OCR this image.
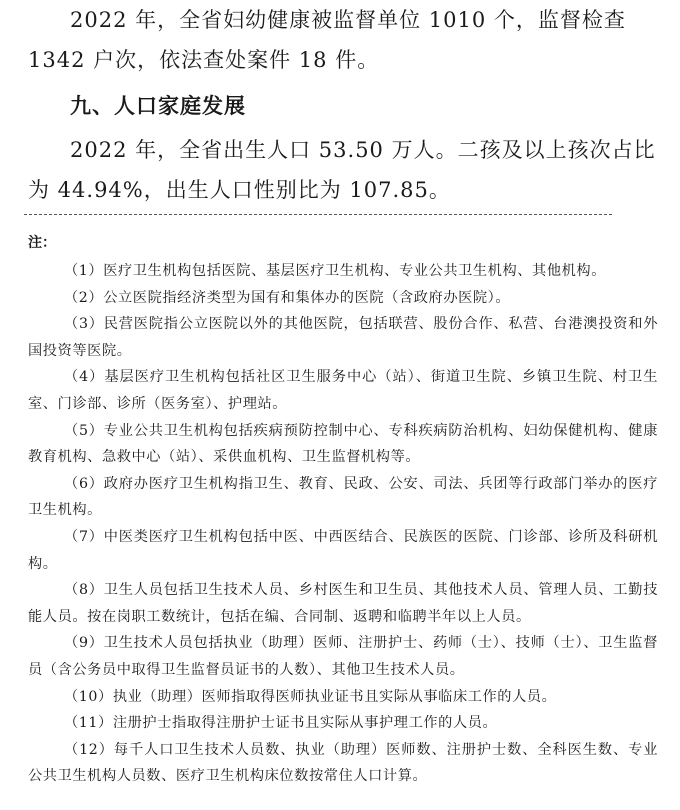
2022 年，全省妇幼健康被监督单位 1010 个，监督检查 1342 户次，依法查处案件 18 件。

九、人口家庭发展

2022 年，全省出生人口 53.50 万人。二孩及以上孩次占比为 44.94%，出生人口性别比为 107.85。

注：

（1）医疗卫生机构包括医院、基层医疗卫生机构、专业公共卫生机构、其他机构。
（2）公立医院指经济类型为国有和集体办的医院（含政府办医院）。
（3）民营医院指公立医院以外的其他医院，包括联营、股份合作、私营、台港澳投资和外国投资等医院。
（4）基层医疗卫生机构包括社区卫生服务中心（站）、街道卫生院、乡镇卫生院、村卫生室、门诊部、诊所（医务室）、护理站。
（5）专业公共卫生机构包括疾病预防控制中心、专科疾病防治机构、妇幼保健机构、健康教育机构、急救中心（站）、采供血机构、卫生监督机构等。
（6）政府办医疗卫生机构指卫生、教育、民政、公安、司法、兵团等行政部门举办的医疗卫生机构。
（7）中医类医疗卫生机构包括中医、中西医结合、民族医的医院、门诊部、诊所及科研机构。
（8）卫生人员包括卫生技术人员、乡村医生和卫生员、其他技术人员、管理人员、工勤技能人员。按在岗职工数统计，包括在编、合同制、返聘和临聘半年以上人员。
（9）卫生技术人员包括执业（助理）医师、注册护士、药师（士）、技师（士）、卫生监督员（含公务员中取得卫生监督员证书的人数）、其他卫生技术人员。
（10）执业（助理）医师指取得医师执业证书且实际从事临床工作的人员。
（11）注册护士指取得注册护士证书且实际从事护理工作的人员。
（12）每千人口卫生技术人员数、执业（助理）医师数、注册护士数、全科医生数、专业公共卫生机构人员数、医疗卫生机构床位数按常住人口计算。
